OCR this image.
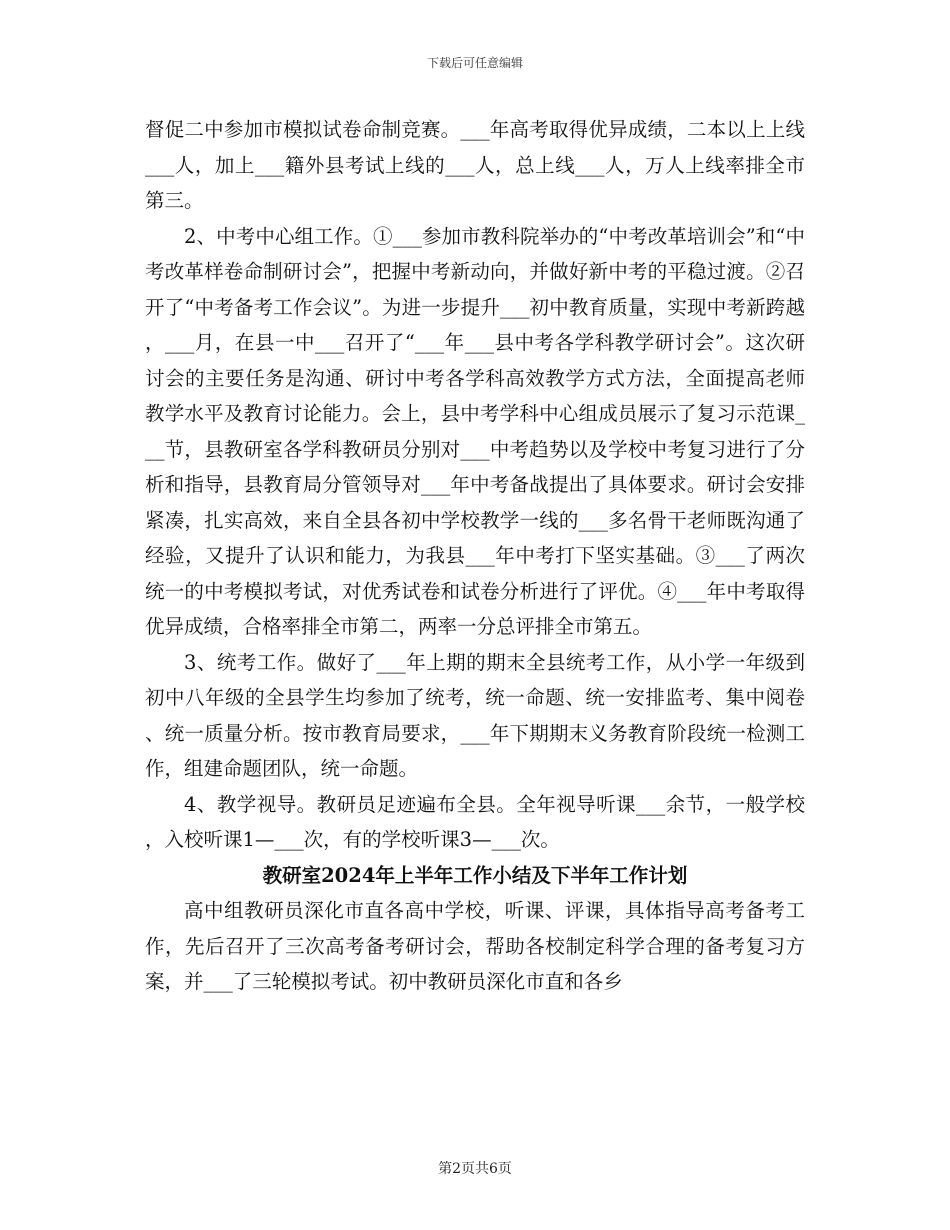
下载后可任意编辑

督促二中参加市模拟试卷命制竞赛。___年高考取得优异成绩，二本以上上线___人，加上___籍外县考试上线的___人，总上线___人，万人上线率排全市第三。

2、中考中心组工作。①___参加市教科院举办的“中考改革培训会”和“中考改革样卷命制研讨会”，把握中考新动向，并做好新中考的平稳过渡。②召开了“中考备考工作会议”。为进一步提升___初中教育质量，实现中考新跨越，___月，在县一中___召开了“___年___县中考各学科教学研讨会”。这次研讨会的主要任务是沟通、研讨中考各学科高效教学方式方法，全面提高老师教学水平及教育讨论能力。会上，县中考学科中心组成员展示了复习示范课___节，县教研室各学科教研员分别对___中考趋势以及学校中考复习进行了分析和指导，县教育局分管领导对___年中考备战提出了具体要求。研讨会安排紧凑，扎实高效，来自全县各初中学校教学一线的___多名骨干老师既沟通了经验，又提升了认识和能力，为我县___年中考打下坚实基础。③___了两次统一的中考模拟考试，对优秀试卷和试卷分析进行了评优。④___年中考取得优异成绩，合格率排全市第二，两率一分总评排全市第五。

3、统考工作。做好了___年上期的期末全县统考工作，从小学一年级到初中八年级的全县学生均参加了统考，统一命题、统一安排监考、集中阅卷、统一质量分析。按市教育局要求，___年下期期末义务教育阶段统一检测工作，组建命题团队，统一命题。

4、教学视导。教研员足迹遍布全县。全年视导听课___余节，一般学校，入校听课1—___次，有的学校听课3—___次。

教研室2024年上半年工作小结及下半年工作计划

高中组教研员深化市直各高中学校，听课、评课，具体指导高考备考工作，先后召开了三次高考备考研讨会，帮助各校制定科学合理的备考复习方案，并___了三轮模拟考试。初中教研员深化市直和各乡

第2页共6页
